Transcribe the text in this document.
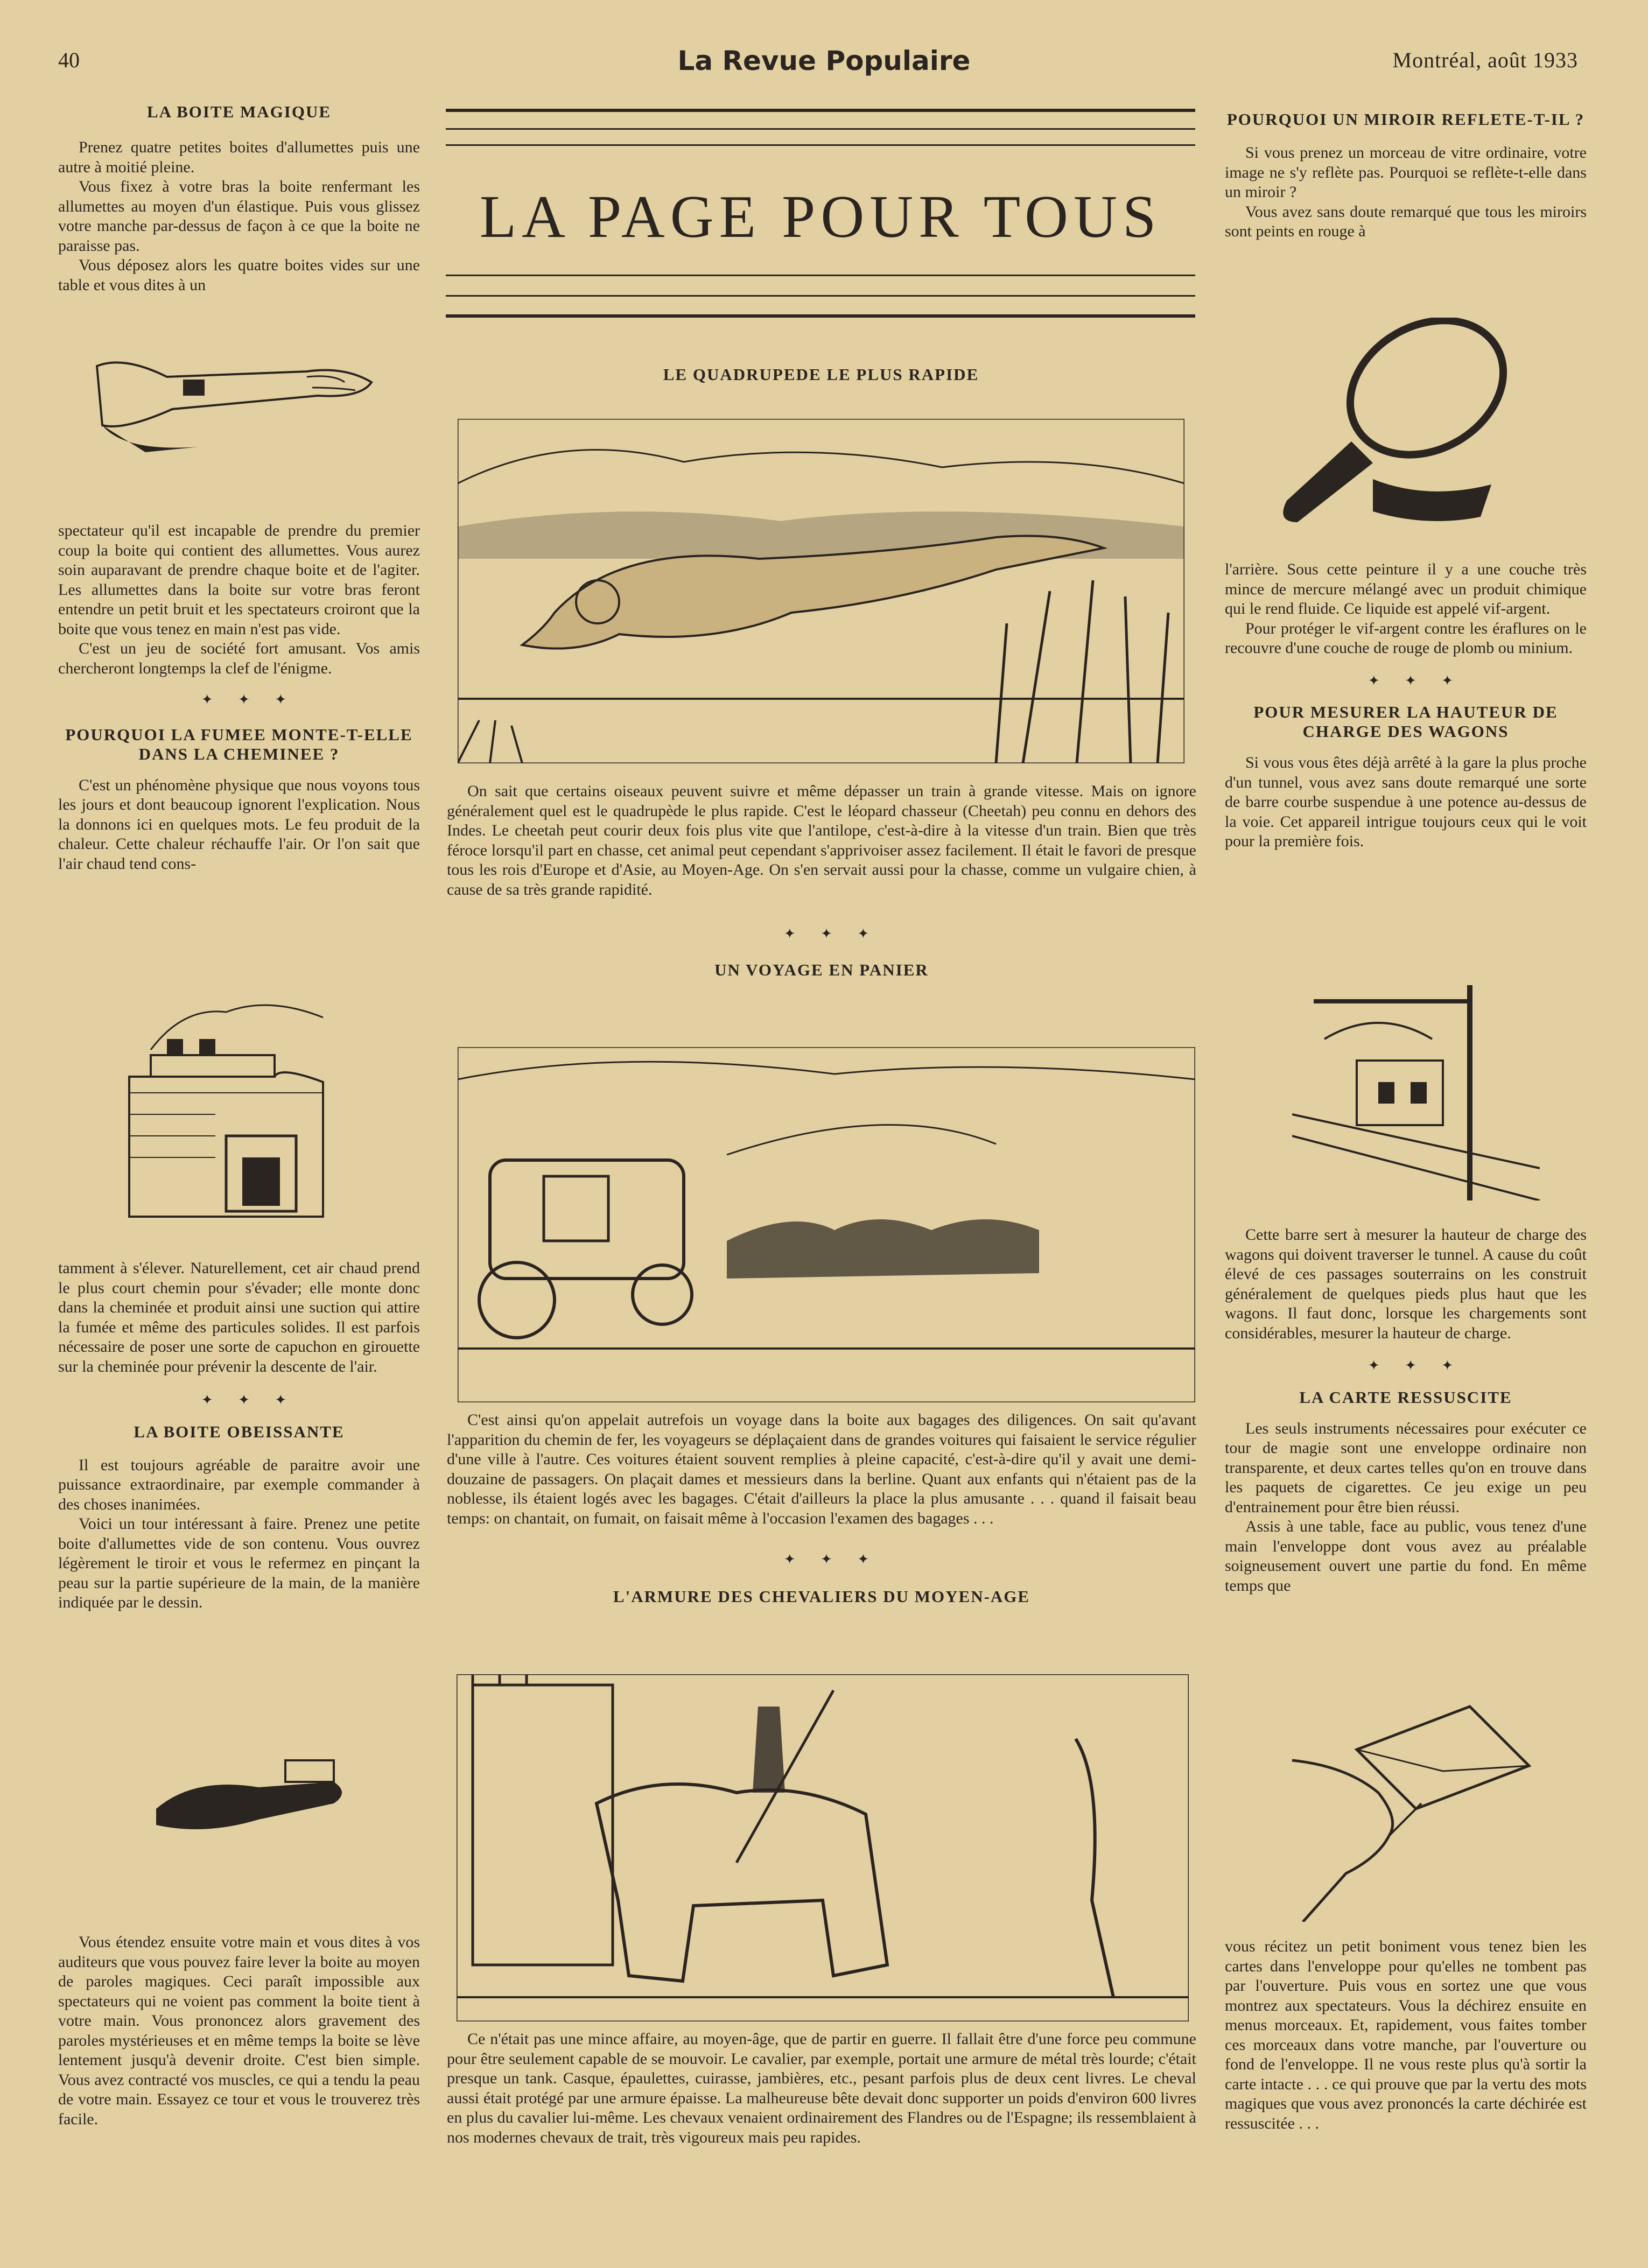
40	La Revue Populaire	Montréal, août 1933
LA PAGE POUR TOUS
LA BOITE MAGIQUE

Prenez quatre petites boites d'allumettes puis une autre à moitié pleine.

Vous fixez à votre bras la boite renfermant les allumettes au moyen d'un élastique. Puis vous glissez votre manche par-dessus de façon à ce que la boite ne paraisse pas.

Vous déposez alors les quatre boites vides sur une table et vous dites à un

spectateur qu'il est incapable de prendre du premier coup la boite qui contient des allumettes. Vous aurez soin auparavant de prendre chaque boite et de l'agiter. Les allumettes dans la boite sur votre bras feront entendre un petit bruit et les spectateurs croiront que la boite que vous tenez en main n'est pas vide.

C'est un jeu de société fort amusant. Vos amis chercheront longtemps la clef de l'énigme.

✦ ✦ ✦

POURQUOI LA FUMEE MONTE-T-ELLE DANS LA CHEMINEE ?

C'est un phénomène physique que nous voyons tous les jours et dont beaucoup ignorent l'explication. Nous la donnons ici en quelques mots. Le feu produit de la chaleur. Cette chaleur réchauffe l'air. Or l'on sait que l'air chaud tend cons-

tamment à s'élever. Naturellement, cet air chaud prend le plus court chemin pour s'évader; elle monte donc dans la cheminée et produit ainsi une suction qui attire la fumée et même des particules solides. Il est parfois nécessaire de poser une sorte de capuchon en girouette sur la cheminée pour prévenir la descente de l'air.

✦ ✦ ✦

LA BOITE OBEISSANTE

Il est toujours agréable de paraitre avoir une puissance extraordinaire, par exemple commander à des choses inanimées.

Voici un tour intéressant à faire. Prenez une petite boite d'allumettes vide de son contenu. Vous ouvrez légèrement le tiroir et vous le refermez en pinçant la peau sur la partie supérieure de la main, de la manière indiquée par le dessin.

Vous étendez ensuite votre main et vous dites à vos auditeurs que vous pouvez faire lever la boite au moyen de paroles magiques. Ceci paraît impossible aux spectateurs qui ne voient pas comment la boite tient à votre main. Vous prononcez alors gravement des paroles mystérieuses et en même temps la boite se lève lentement jusqu'à devenir droite. C'est bien simple. Vous avez contracté vos muscles, ce qui a tendu la peau de votre main. Essayez ce tour et vous le trouverez très facile.

LE QUADRUPEDE LE PLUS RAPIDE

On sait que certains oiseaux peuvent suivre et même dépasser un train à grande vitesse. Mais on ignore généralement quel est le quadrupède le plus rapide. C'est le léopard chasseur (Cheetah) peu connu en dehors des Indes. Le cheetah peut courir deux fois plus vite que l'antilope, c'est-à-dire à la vitesse d'un train. Bien que très féroce lorsqu'il part en chasse, cet animal peut cependant s'apprivoiser assez facilement. Il était le favori de presque tous les rois d'Europe et d'Asie, au Moyen-Age. On s'en servait aussi pour la chasse, comme un vulgaire chien, à cause de sa très grande rapidité.

✦ ✦ ✦

UN VOYAGE EN PANIER

C'est ainsi qu'on appelait autrefois un voyage dans la boite aux bagages des diligences. On sait qu'avant l'apparition du chemin de fer, les voyageurs se déplaçaient dans de grandes voitures qui faisaient le service régulier d'une ville à l'autre. Ces voitures étaient souvent remplies à pleine capacité, c'est-à-dire qu'il y avait une demi-douzaine de passagers. On plaçait dames et messieurs dans la berline. Quant aux enfants qui n'étaient pas de la noblesse, ils étaient logés avec les bagages. C'était d'ailleurs la place la plus amusante . . . quand il faisait beau temps: on chantait, on fumait, on faisait même à l'occasion l'examen des bagages . . .

✦ ✦ ✦

L'ARMURE DES CHEVALIERS DU MOYEN-AGE

Ce n'était pas une mince affaire, au moyen-âge, que de partir en guerre. Il fallait être d'une force peu commune pour être seulement capable de se mouvoir. Le cavalier, par exemple, portait une armure de métal très lourde; c'était presque un tank. Casque, épaulettes, cuirasse, jambières, etc., pesant parfois plus de deux cent livres. Le cheval aussi était protégé par une armure épaisse. La malheureuse bête devait donc supporter un poids d'environ 600 livres en plus du cavalier lui-même. Les chevaux venaient ordinairement des Flandres ou de l'Espagne; ils ressemblaient à nos modernes chevaux de trait, très vigoureux mais peu rapides.

POURQUOI UN MIROIR REFLETE-T-IL ?

Si vous prenez un morceau de vitre ordinaire, votre image ne s'y reflète pas. Pourquoi se reflète-t-elle dans un miroir ?

Vous avez sans doute remarqué que tous les miroirs sont peints en rouge à

l'arrière. Sous cette peinture il y a une couche très mince de mercure mélangé avec un produit chimique qui le rend fluide. Ce liquide est appelé vif-argent.

Pour protéger le vif-argent contre les éraflures on le recouvre d'une couche de rouge de plomb ou minium.

✦ ✦ ✦

POUR MESURER LA HAUTEUR DE CHARGE DES WAGONS

Si vous vous êtes déjà arrêté à la gare la plus proche d'un tunnel, vous avez sans doute remarqué une sorte de barre courbe suspendue à une potence au-dessus de la voie. Cet appareil intrigue toujours ceux qui le voit pour la première fois.

Cette barre sert à mesurer la hauteur de charge des wagons qui doivent traverser le tunnel. A cause du coût élevé de ces passages souterrains on les construit généralement de quelques pieds plus haut que les wagons. Il faut donc, lorsque les chargements sont considérables, mesurer la hauteur de charge.

✦ ✦ ✦

LA CARTE RESSUSCITE

Les seuls instruments nécessaires pour exécuter ce tour de magie sont une enveloppe ordinaire non transparente, et deux cartes telles qu'on en trouve dans les paquets de cigarettes. Ce jeu exige un peu d'entrainement pour être bien réussi.

Assis à une table, face au public, vous tenez d'une main l'enveloppe dont vous avez au préalable soigneusement ouvert une partie du fond. En même temps que

vous récitez un petit boniment vous tenez bien les cartes dans l'enveloppe pour qu'elles ne tombent pas par l'ouverture. Puis vous en sortez une que vous montrez aux spectateurs. Vous la déchirez ensuite en menus morceaux. Et, rapidement, vous faites tomber ces morceaux dans votre manche, par l'ouverture ou fond de l'enveloppe. Il ne vous reste plus qu'à sortir la carte intacte . . . ce qui prouve que par la vertu des mots magiques que vous avez prononcés la carte déchirée est ressuscitée . . .
